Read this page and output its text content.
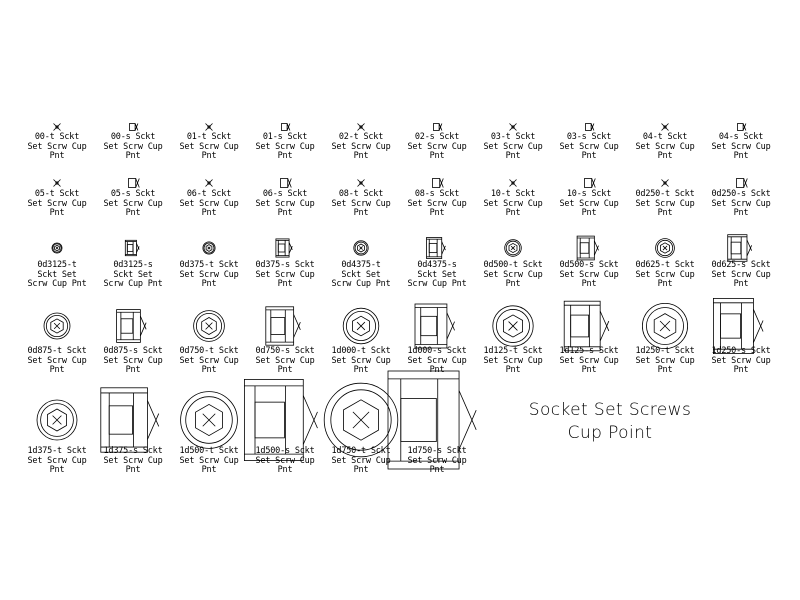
00-t Sckt
Set Scrw Cup
Pnt
00-s Sckt
Set Scrw Cup
Pnt
01-t Sckt
Set Scrw Cup
Pnt
01-s Sckt
Set Scrw Cup
Pnt
02-t Sckt
Set Scrw Cup
Pnt
02-s Sckt
Set Scrw Cup
Pnt
03-t Sckt
Set Scrw Cup
Pnt
03-s Sckt
Set Scrw Cup
Pnt
04-t Sckt
Set Scrw Cup
Pnt
04-s Sckt
Set Scrw Cup
Pnt
05-t Sckt
Set Scrw Cup
Pnt
05-s Sckt
Set Scrw Cup
Pnt
06-t Sckt
Set Scrw Cup
Pnt
06-s Sckt
Set Scrw Cup
Pnt
08-t Sckt
Set Scrw Cup
Pnt
08-s Sckt
Set Scrw Cup
Pnt
10-t Sckt
Set Scrw Cup
Pnt
10-s Sckt
Set Scrw Cup
Pnt
0d250-t Sckt
Set Scrw Cup
Pnt
0d250-s Sckt
Set Scrw Cup
Pnt
0d3125-t
Sckt Set
Scrw Cup Pnt
0d3125-s
Sckt Set
Scrw Cup Pnt
0d375-t Sckt
Set Scrw Cup
Pnt
0d375-s Sckt
Set Scrw Cup
Pnt
0d4375-t
Sckt Set
Scrw Cup Pnt
0d4375-s
Sckt Set
Scrw Cup Pnt
0d500-t Sckt
Set Scrw Cup
Pnt
0d500-s Sckt
Set Scrw Cup
Pnt
0d625-t Sckt
Set Scrw Cup
Pnt
0d625-s Sckt
Set Scrw Cup
Pnt
0d875-t Sckt
Set Scrw Cup
Pnt
0d875-s Sckt
Set Scrw Cup
Pnt
0d750-t Sckt
Set Scrw Cup
Pnt
0d750-s Sckt
Set Scrw Cup
Pnt
1d000-t Sckt
Set Scrw Cup
Pnt
1d000-s Sckt
Set Scrw Cup
Pnt
1d125-t Sckt
Set Scrw Cup
Pnt
1d125-s Sckt
Set Scrw Cup
Pnt
1d250-t Sckt
Set Scrw Cup
Pnt
1d250-s Sckt
Set Scrw Cup
Pnt
1d375-t Sckt
Set Scrw Cup
Pnt
1d375-s Sckt
Set Scrw Cup
Pnt
1d500-t Sckt
Set Scrw Cup
Pnt
1d500-s Sckt
Set Scrw Cup
Pnt
1d750-t Sckt
Set Scrw Cup
Pnt
1d750-s Sckt
Set Scrw Cup
Pnt
Socket Set Screws
Cup Point
